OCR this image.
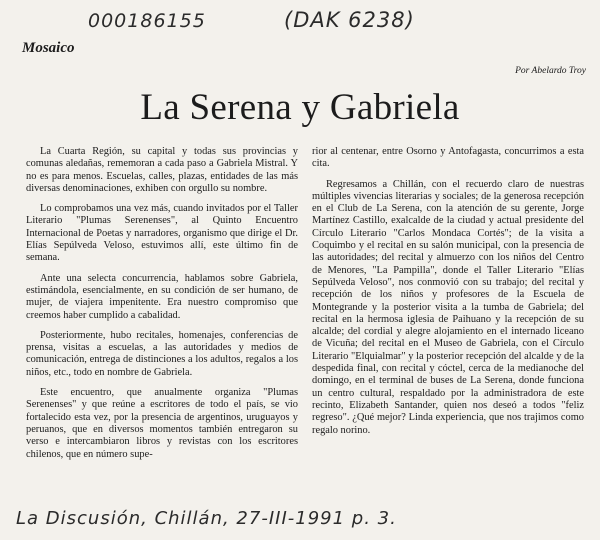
000186155	(DAK 6238)
Mosaico
Por Abelardo Troy
La Serena y Gabriela

La Cuarta Región, su capital y todas sus provincias y comunas aledañas, rememoran a cada paso a Gabriela Mistral. Y no es para menos. Escuelas, calles, plazas, entidades de las más diversas denominaciones, exhiben con orgullo su nombre.

Lo comprobamos una vez más, cuando invitados por el Taller Literario "Plumas Serenenses", al Quinto Encuentro Internacional de Poetas y narradores, organismo que dirige el Dr. Elías Sepúlveda Veloso, estuvimos allí, este último fin de semana.

Ante una selecta concurrencia, hablamos sobre Gabriela, estimándola, esencialmente, en su condición de ser humano, de mujer, de viajera impenitente. Era nuestro compromiso que creemos haber cumplido a cabalidad.

Posteriormente, hubo recitales, homenajes, conferencias de prensa, visitas a escuelas, a las autoridades y medios de comunicación, entrega de distinciones a los adultos, regalos a los niños, etc., todo en nombre de Gabriela.

Este encuentro, que anualmente organiza "Plumas Serenenses" y que reúne a escritores de todo el país, se vio fortalecido esta vez, por la presencia de argentinos, uruguayos y peruanos, que en diversos momentos también entregaron su verso e intercambiaron libros y revistas con los escritores chilenos, que en número supe-

rior al centenar, entre Osorno y Antofagasta, concurrimos a esta cita.

Regresamos a Chillán, con el recuerdo claro de nuestras múltiples vivencias literarias y sociales; de la generosa recepción en el Club de La Serena, con la atención de su gerente, Jorge Martínez Castillo, exalcalde de la ciudad y actual presidente del Círculo Literario "Carlos Mondaca Cortés"; de la visita a Coquimbo y el recital en su salón municipal, con la presencia de las autoridades; del recital y almuerzo con los niños del Centro de Menores, "La Pampilla", donde el Taller Literario "Elías Sepúlveda Veloso", nos conmovió con su trabajo; del recital y recepción de los niños y profesores de la Escuela de Montegrande y la posterior visita a la tumba de Gabriela; del recital en la hermosa iglesia de Paihuano y la recepción de su alcalde; del cordial y alegre alojamiento en el internado liceano de Vicuña; del recital en el Museo de Gabriela, con el Círculo Literario "Elquialmar" y la posterior recepción del alcalde y de la despedida final, con recital y cóctel, cerca de la medianoche del domingo, en el terminal de buses de La Serena, donde funciona un centro cultural, respaldado por la administradora de este recinto, Elizabeth Santander, quien nos deseó a todos "feliz regreso". ¿Qué mejor? Linda experiencia, que nos trajimos como regalo norino.

La Discusión, Chillán, 27-III-1991 p. 3.
